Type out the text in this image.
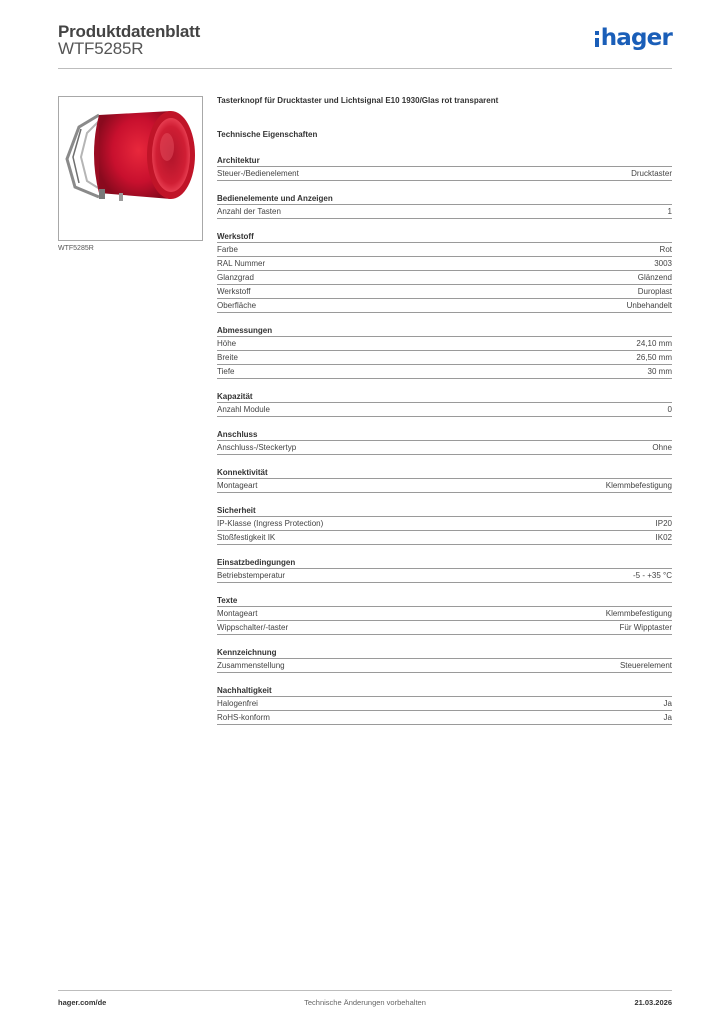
Produktdatenblatt
WTF5285R	hager
WTF5285R
Tasterknopf für Drucktaster und Lichtsignal E10 1930/Glas rot transparent
Technische Eigenschaften
Architektur
Steuer-/Bedienelement	Drucktaster
Bedienelemente und Anzeigen
Anzahl der Tasten	1
Werkstoff
Farbe	Rot
RAL Nummer	3003
Glanzgrad	Glänzend
Werkstoff	Duroplast
Oberfläche	Unbehandelt
Abmessungen
Höhe	24,10 mm
Breite	26,50 mm
Tiefe	30 mm
Kapazität
Anzahl Module	0
Anschluss
Anschluss-/Steckertyp	Ohne
Konnektivität
Montageart	Klemmbefestigung
Sicherheit
IP-Klasse (Ingress Protection)	IP20
Stoßfestigkeit IK	IK02
Einsatzbedingungen
Betriebstemperatur	-5 - +35 °C
Texte
Montageart	Klemmbefestigung
Wippschalter/-taster	Für Wipptaster
Kennzeichnung
Zusammenstellung	Steuerelement
Nachhaltigkeit
Halogenfrei	Ja
RoHS-konform	Ja
hager.com/de	Technische Änderungen vorbehalten	21.03.2026
